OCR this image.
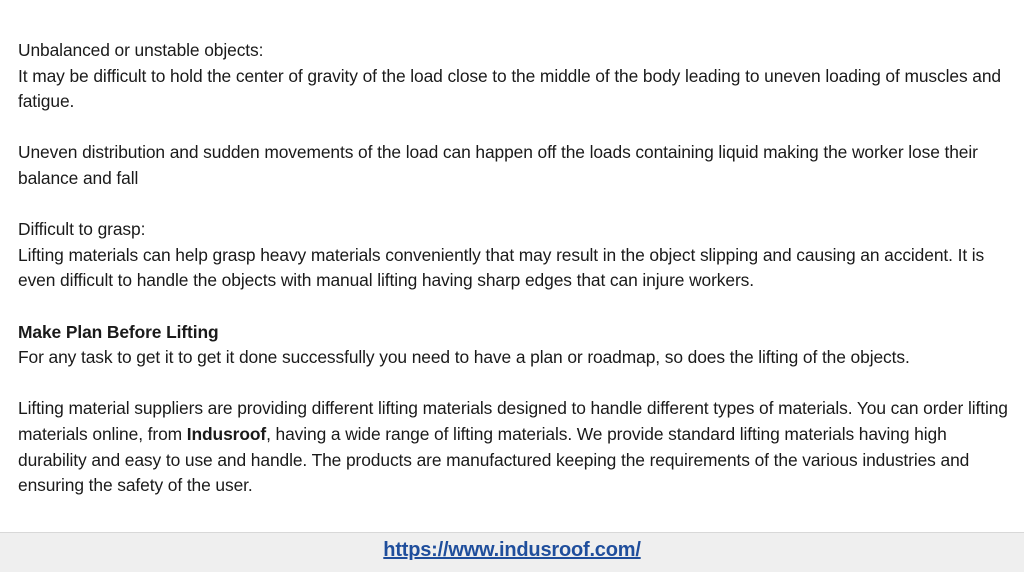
Unbalanced or unstable objects:
It may be difficult to hold the center of gravity of the load close to the middle of the body leading to uneven loading of muscles and fatigue.

Uneven distribution and sudden movements of the load can happen off the loads containing liquid making the worker lose their balance and fall

Difficult to grasp:
Lifting materials can help grasp heavy materials conveniently that may result in the object slipping and causing an accident. It is even difficult to handle the objects with manual lifting having sharp edges that can injure workers.

Make Plan Before Lifting
For any task to get it to get it done successfully you need to have a plan or roadmap, so does the lifting of the objects.

Lifting material suppliers are providing different lifting materials designed to handle different types of materials. You can order lifting materials online, from Indusroof, having a wide range of lifting materials. We provide standard lifting materials having high durability and easy to use and handle. The products are manufactured keeping the requirements of the various industries and ensuring the safety of the user.

https://www.indusroof.com/
